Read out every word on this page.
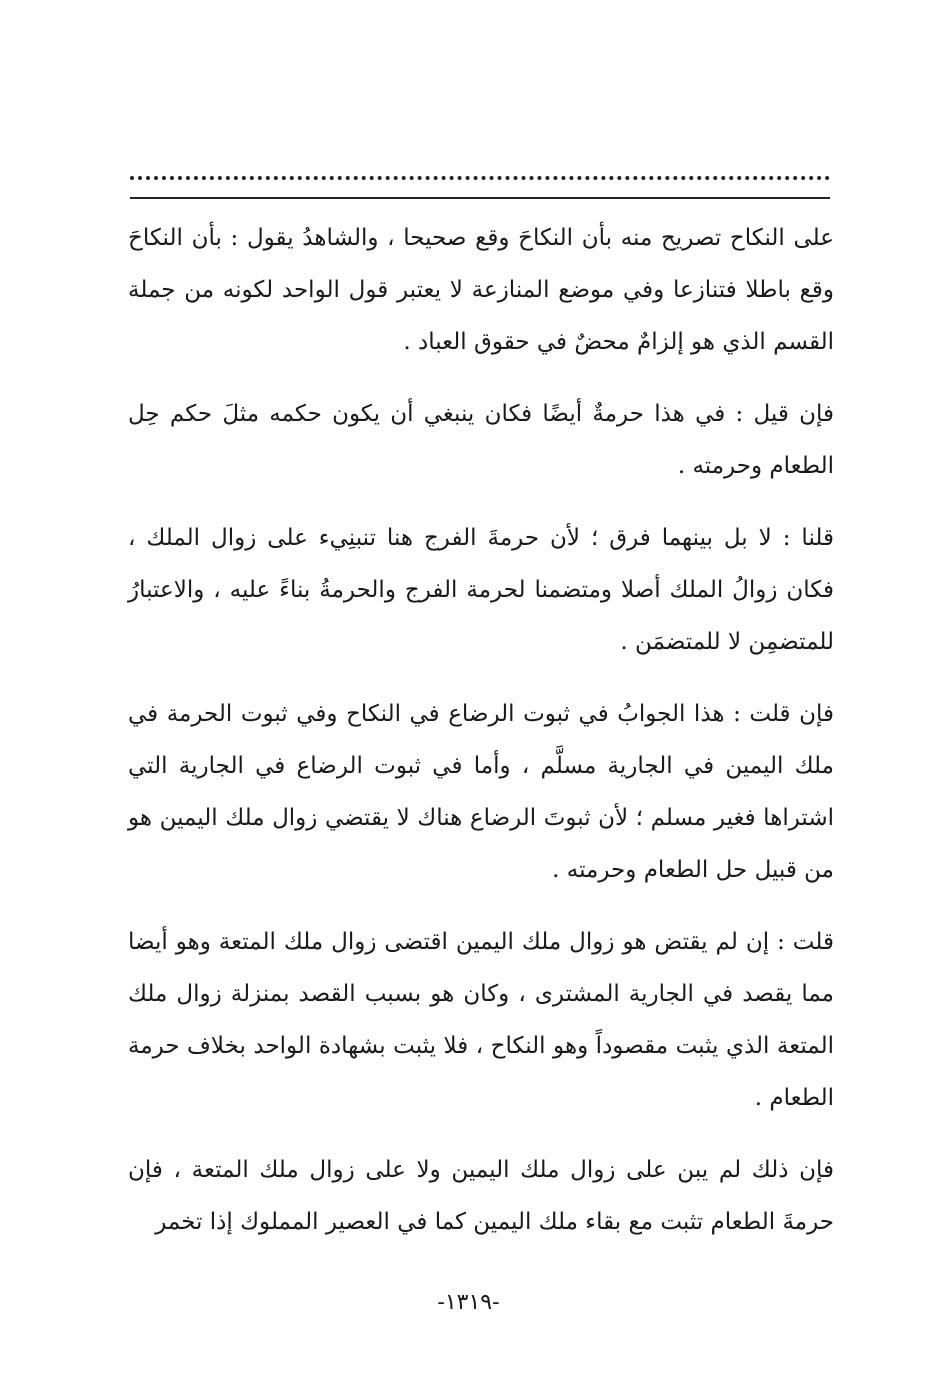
على النكاح تصريح منه بأن النكاحَ وقع صحيحا ، والشاهدُ يقول : بأن النكاحَ وقع باطلا فتنازعا وفي موضع المنازعة لا يعتبر قول الواحد لكونه من جملة القسم الذي هو إلزامٌ محضٌ في حقوق العباد .

فإن قيل : في هذا حرمةٌ أيضًا فكان ينبغي أن يكون حكمه مثلَ حكم حِل الطعام وحرمته .

قلنا : لا بل بينهما فرق ؛ لأن حرمةَ الفرج هنا تنبنِيء على زوال الملك ، فكان زوالُ الملك أصلا ومتضمنا لحرمة الفرج والحرمةُ بناءً عليه ، والاعتبارُ للمتضمِن لا للمتضمَن .

فإن قلت : هذا الجوابُ في ثبوت الرضاع في النكاح وفي ثبوت الحرمة في ملك اليمين في الجارية مسلَّم ، وأما في ثبوت الرضاع في الجارية التي اشتراها فغير مسلم ؛ لأن ثبوتَ الرضاع هناك لا يقتضي زوال ملك اليمين هو من قبيل حل الطعام وحرمته .

قلت : إن لم يقتض هو زوال ملك اليمين اقتضى زوال ملك المتعة وهو أيضا مما يقصد في الجارية المشترى ، وكان هو بسبب القصد بمنزلة زوال ملك المتعة الذي يثبت مقصوداً وهو النكاح ، فلا يثبت بشهادة الواحد بخلاف حرمة الطعام .

فإن ذلك لم يبن على زوال ملك اليمين ولا على زوال ملك المتعة ، فإن حرمةَ الطعام تثبت مع بقاء ملك اليمين كما في العصير المملوك إذا تخمر

-١٣١٩-
